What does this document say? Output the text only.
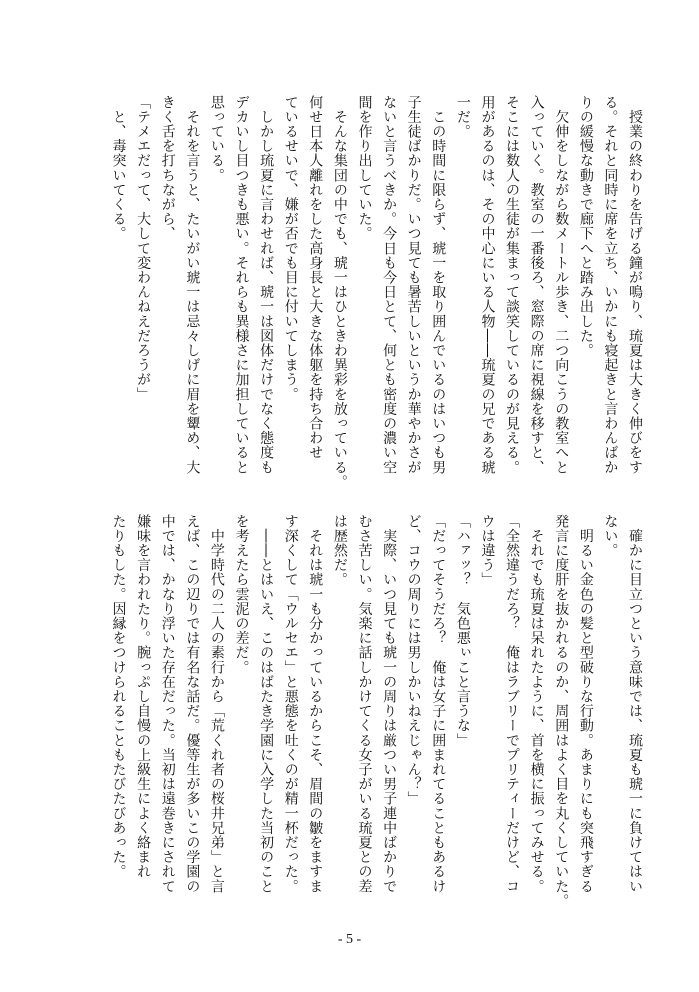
　授業の終わりを告げる鐘が鳴り、琉夏は大きく伸びをす
る。それと同時に席を立ち、いかにも寝起きと言わんばか
りの緩慢な動きで廊下へと踏み出した。
　欠伸をしながら数メートル歩き、二つ向こうの教室へと
入っていく。教室の一番後ろ、窓際の席に視線を移すと、
そこには数人の生徒が集まって談笑しているのが見える。
用があるのは、その中心にいる人物――琉夏の兄である琥
一だ。
　この時間に限らず、琥一を取り囲んでいるのはいつも男
子生徒ばかりだ。いつ見ても暑苦しいというか華やかさが
ないと言うべきか。今日も今日とて、何とも密度の濃い空
間を作り出していた。
　そんな集団の中でも、琥一はひときわ異彩を放っている。
何せ日本人離れをした高身長と大きな体躯を持ち合わせ
ているせいで、嫌が否でも目に付いてしまう。
　しかし琉夏に言わせれば、琥一は図体だけでなく態度も
デカいし目つきも悪い。それらも異様さに加担していると
思っている。
　それを言うと、たいがい琥一は忌々しげに眉を顰め、大
きく舌を打ちながら、
「テメエだって、大して変わんねえだろうが」
　と、毒突いてくる。
　確かに目立つという意味では、琉夏も琥一に負けてはい
ない。
　明るい金色の髪と型破りな行動。あまりにも突飛すぎる
発言に度肝を抜かれるのか、周囲はよく目を丸くしていた。
　それでも琉夏は呆れたように、首を横に振ってみせる。
「全然違うだろ？　俺はラブリーでプリティーだけど、コ
ウは違う」
「ハァッ？　気色悪ぃこと言うな」
「だってそうだろ？　俺は女子に囲まれてることもあるけ
ど、コウの周りには男しかいねえじゃん？」
　実際、いつ見ても琥一の周りは厳つい男子連中ばかりで
むさ苦しい。気楽に話しかけてくる女子がいる琉夏との差
は歴然だ。
　それは琥一も分かっているからこそ、眉間の皺をますま
す深くして「ウルセエ」と悪態を吐くのが精一杯だった。
　――とはいえ、このはばたき学園に入学した当初のこと
を考えたら雲泥の差だ。
　中学時代の二人の素行から「荒くれ者の桜井兄弟」と言
えば、この辺りでは有名な話だ。優等生が多いこの学園の
中では、かなり浮いた存在だった。当初は遠巻きにされて
嫌味を言われたり。腕っぷし自慢の上級生によく絡まれ
たりもした。因縁をつけられることもたびたびあった。
- 5 -
